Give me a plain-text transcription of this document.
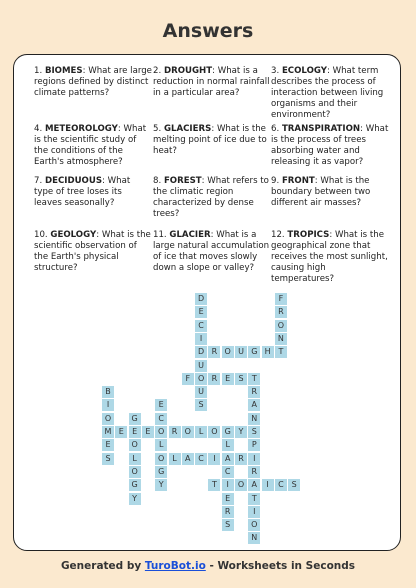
Answers
1. BIOMES: What are large regions defined by distinct climate patterns?
2. DROUGHT: What is a reduction in normal rainfall in a particular area?
3. ECOLOGY: What term describes the process of interaction between living organisms and their environment?
4. METEOROLOGY: What is the scientific study of the conditions of the Earth's atmosphere?
5. GLACIERS: What is the melting point of ice due to heat?
6. TRANSPIRATION: What is the process of trees absorbing water and releasing it as vapor?
7. DECIDUOUS: What type of tree loses its leaves seasonally?
8. FOREST: What refers to the climatic region characterized by dense trees?
9. FRONT: What is the boundary between two different air masses?
10. GEOLOGY: What is the scientific observation of the Earth's physical structure?
11. GLACIER: What is a large natural accumulation of ice that moves slowly down a slope or valley?
12. TROPICS: What is the geographical zone that receives the most sunlight, causing high temperatures?
D
E
C
I
D
U
O
U
S
F
R
O
N
T
R O U G H
F	R E	S	T
R
A
N
S
P
I
R
A
T
I
O
N
B
I
O
M
E
S
E
C
O
L
O
G
Y
G
E
O
L
O
G
Y
E	E	R O L O G Y
L
A
C
I
E
R
S
L	A C	I	R
T	O	I	C S
Generated by TuroBot.io - Worksheets in Seconds
